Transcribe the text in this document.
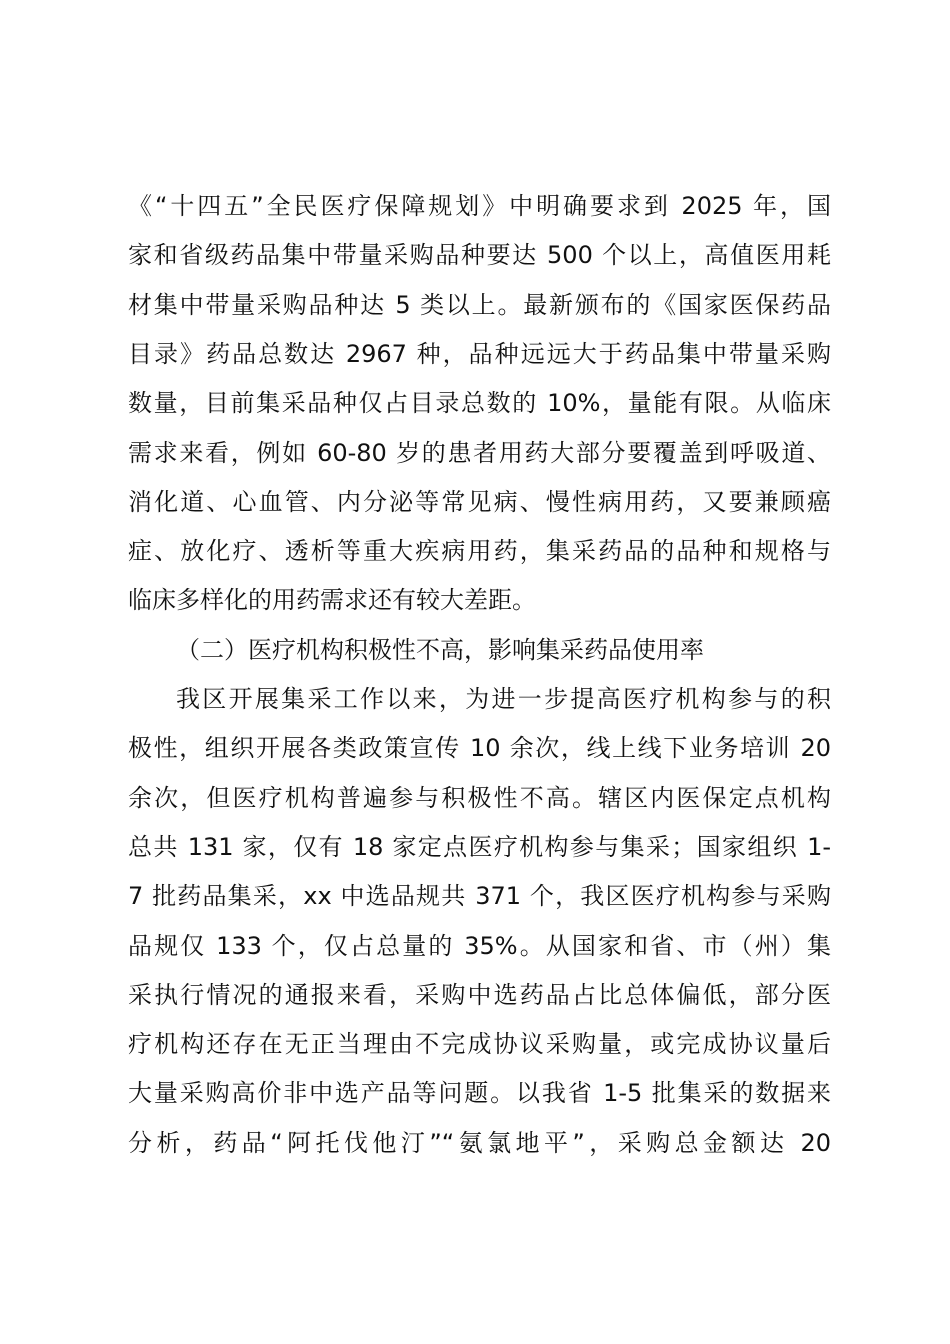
《“十四五”全民医疗保障规划》中明确要求到 2025 年，国
家和省级药品集中带量采购品种要达 500 个以上，高值医用耗
材集中带量采购品种达 5 类以上。最新颁布的《国家医保药品
目录》药品总数达 2967 种，品种远远大于药品集中带量采购
数量，目前集采品种仅占目录总数的 10%，量能有限。从临床
需求来看，例如 60-80 岁的患者用药大部分要覆盖到呼吸道、
消化道、心血管、内分泌等常见病、慢性病用药，又要兼顾癌
症、放化疗、透析等重大疾病用药，集采药品的品种和规格与
临床多样化的用药需求还有较大差距。
（二）医疗机构积极性不高，影响集采药品使用率
我区开展集采工作以来，为进一步提高医疗机构参与的积
极性，组织开展各类政策宣传 10 余次，线上线下业务培训 20
余次，但医疗机构普遍参与积极性不高。辖区内医保定点机构
总共 131 家，仅有 18 家定点医疗机构参与集采；国家组织 1-
7 批药品集采，xx 中选品规共 371 个，我区医疗机构参与采购
品规仅 133 个，仅占总量的 35%。从国家和省、市（州）集
采执行情况的通报来看，采购中选药品占比总体偏低，部分医
疗机构还存在无正当理由不完成协议采购量，或完成协议量后
大量采购高价非中选产品等问题。以我省 1-5 批集采的数据来
分析，药品“阿托伐他汀”“氨氯地平”，采购总金额达 20
